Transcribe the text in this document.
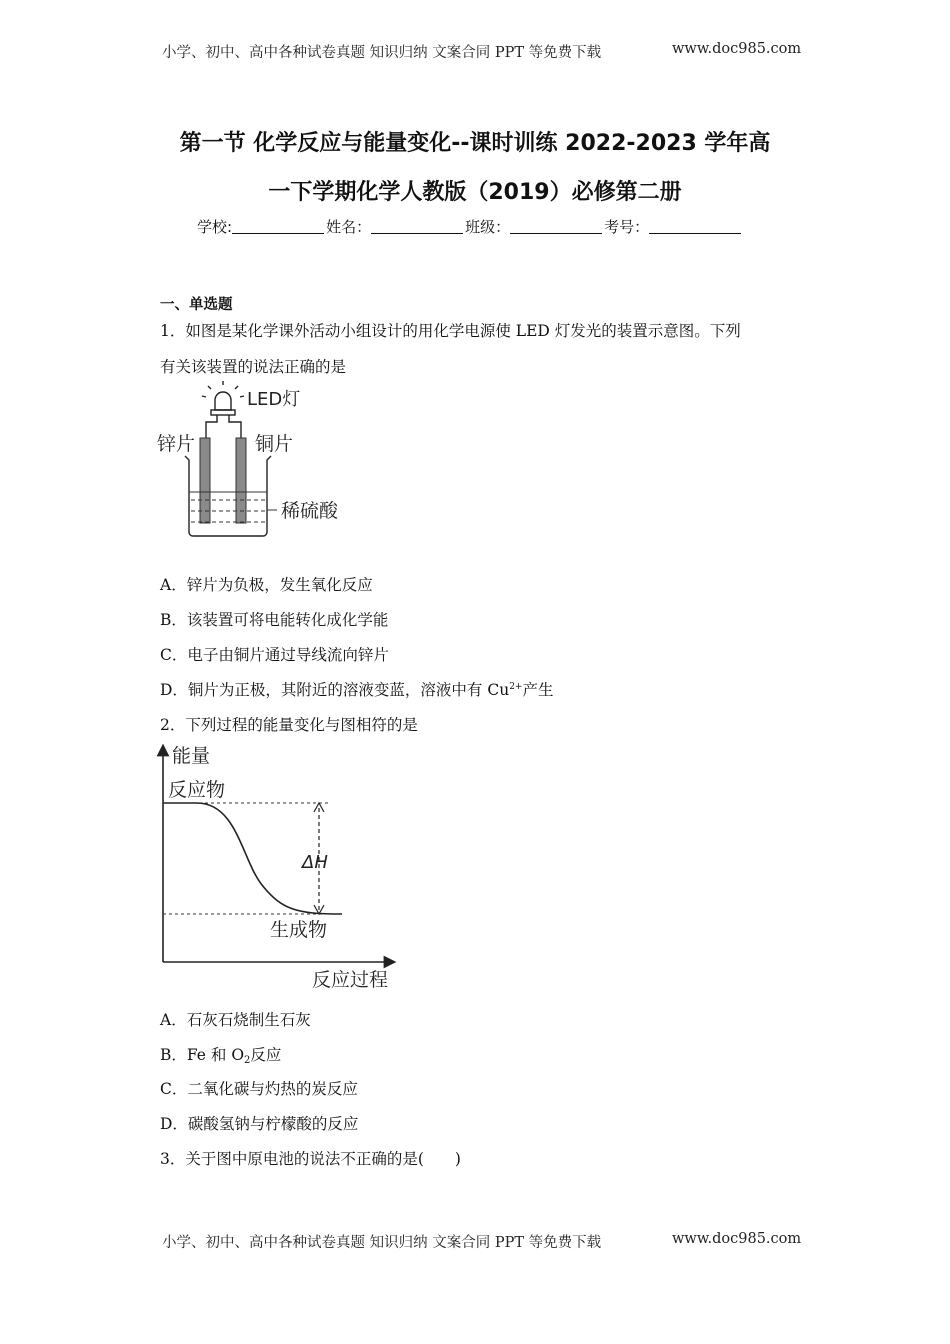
小学、初中、高中各种试卷真题 知识归纳 文案合同 PPT 等免费下载	www.doc985.com
第一节 化学反应与能量变化--课时训练 2022-2023 学年高
一下学期化学人教版（2019）必修第二册
学校:	姓名：	班级：	考号：
一、单选题
1．如图是某化学课外活动小组设计的用化学电源使 LED 灯发光的装置示意图。下列
有关该装置的说法正确的是
LED灯
锌片	铜片
稀硫酸
A．锌片为负极，发生氧化反应
B．该装置可将电能转化成化学能
C．电子由铜片通过导线流向锌片
D．铜片为正极，其附近的溶液变蓝，溶液中有 $Cu^{2+}$产生
2．下列过程的能量变化与图相符的是
能量
反应过程
反应物
生成物
ΔH
A．石灰石烧制生石灰
B．Fe 和 $O_2$反应
C．二氧化碳与灼热的炭反应
D．碳酸氢钠与柠檬酸的反应
3．关于图中原电池的说法不正确的是(　　)
小学、初中、高中各种试卷真题 知识归纳 文案合同 PPT 等免费下载	www.doc985.com
